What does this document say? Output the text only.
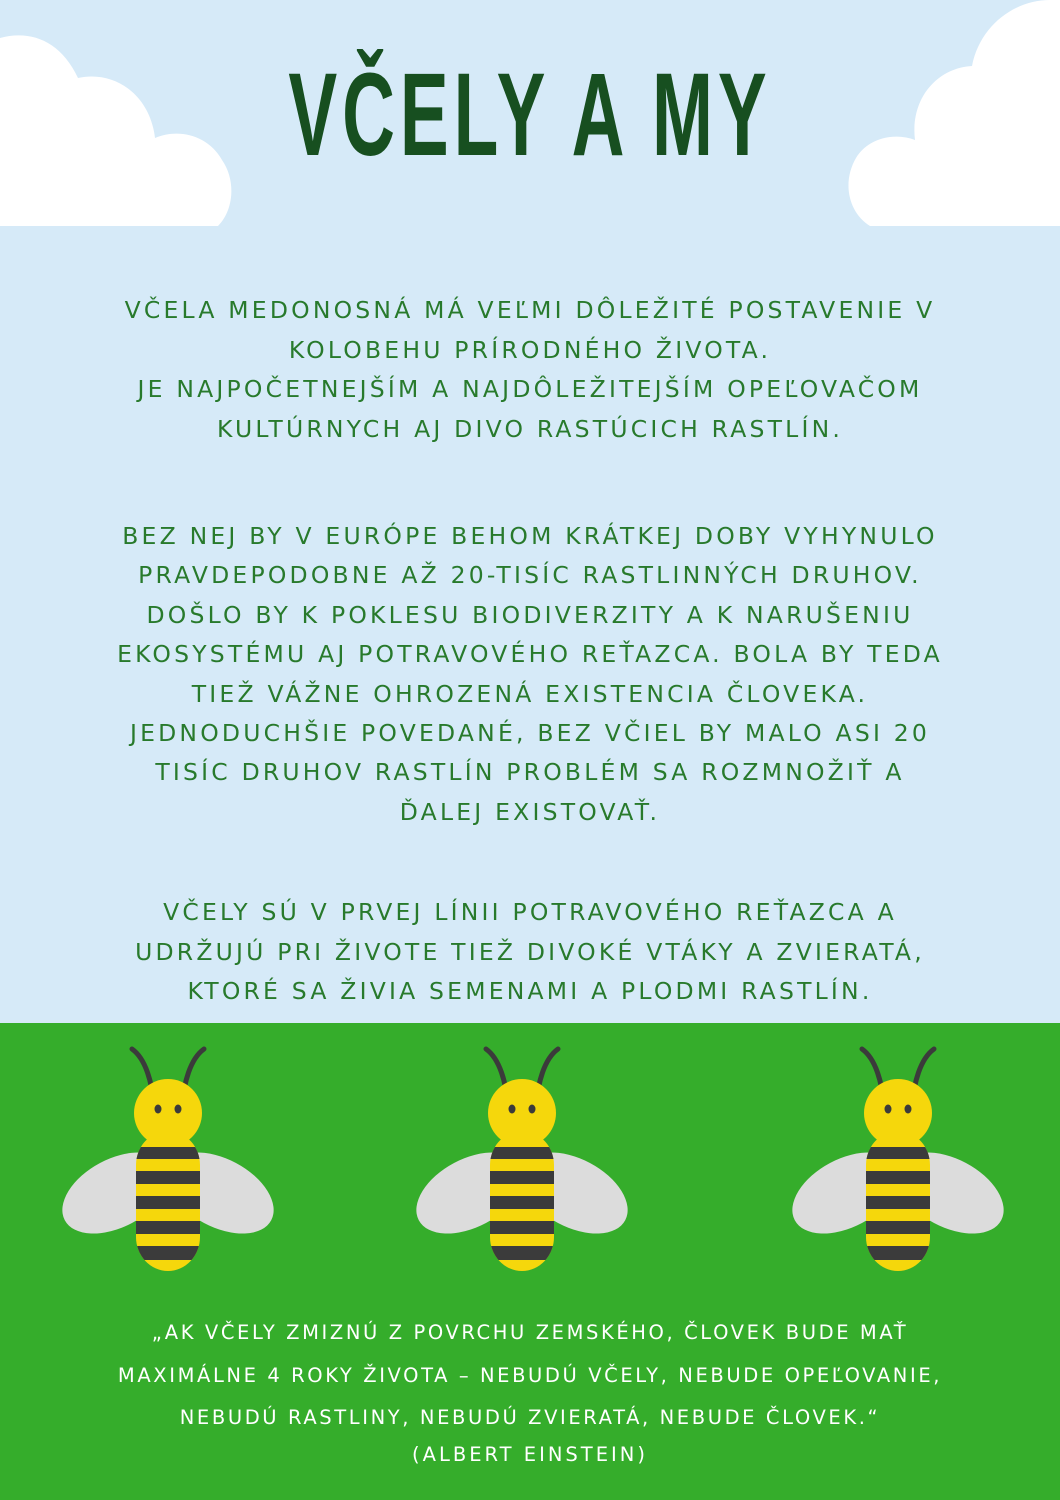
VČELY A MY
VČELA MEDONOSNÁ MÁ VEĽMI DÔLEŽITÉ POSTAVENIE V
KOLOBEHU PRÍRODNÉHO ŽIVOTA.
JE NAJPOČETNEJŠÍM A NAJDÔLEŽITEJŠÍM OPEĽOVAČOM
KULTÚRNYCH AJ DIVO RASTÚCICH RASTLÍN.
BEZ NEJ BY V EURÓPE BEHOM KRÁTKEJ DOBY VYHYNULO
PRAVDEPODOBNE AŽ 20-TISÍC RASTLINNÝCH DRUHOV.
DOŠLO BY K POKLESU BIODIVERZITY A K NARUŠENIU
EKOSYSTÉMU AJ POTRAVOVÉHO REŤAZCA. BOLA BY TEDA
TIEŽ VÁŽNE OHROZENÁ EXISTENCIA ČLOVEKA.
JEDNODUCHŠIE POVEDANÉ, BEZ VČIEL BY MALO ASI 20
TISÍC DRUHOV RASTLÍN PROBLÉM SA ROZMNOŽIŤ A
ĎALEJ EXISTOVAŤ.
VČELY SÚ V PRVEJ LÍNII POTRAVOVÉHO REŤAZCA A
UDRŽUJÚ PRI ŽIVOTE TIEŽ DIVOKÉ VTÁKY A ZVIERATÁ,
KTORÉ SA ŽIVIA SEMENAMI A PLODMI RASTLÍN.
„AK VČELY ZMIZNÚ Z POVRCHU ZEMSKÉHO, ČLOVEK BUDE MAŤ
MAXIMÁLNE 4 ROKY ŽIVOTA – NEBUDÚ VČELY, NEBUDE OPEĽOVANIE,
NEBUDÚ RASTLINY, NEBUDÚ ZVIERATÁ, NEBUDE ČLOVEK.“
(ALBERT EINSTEIN)
